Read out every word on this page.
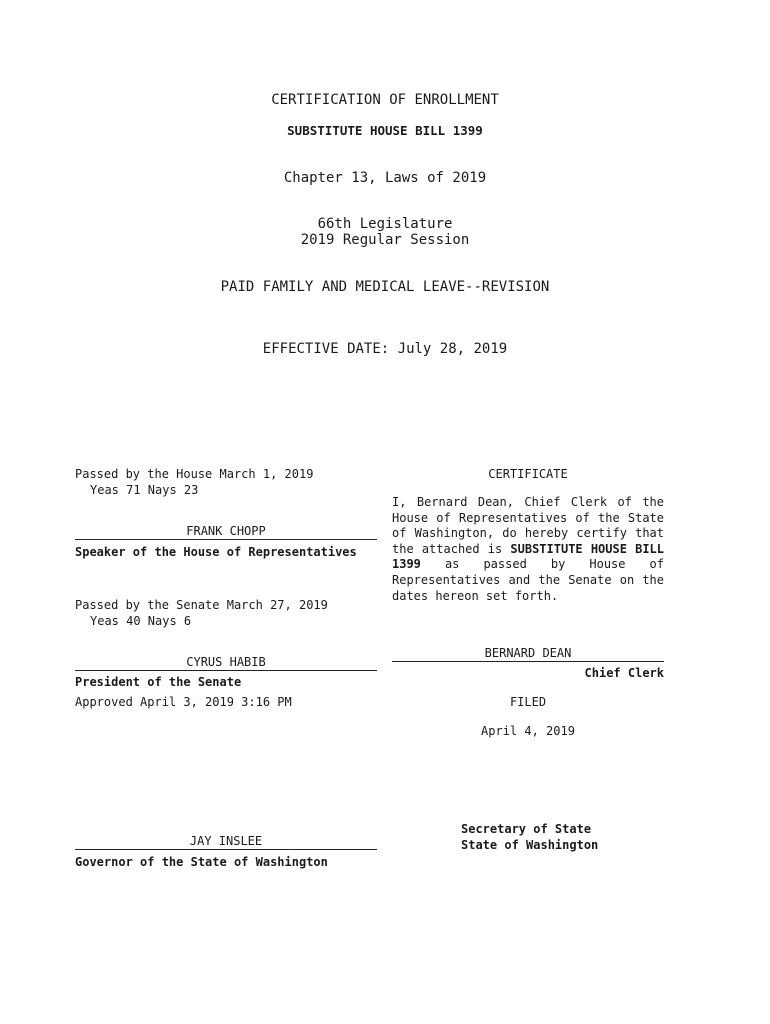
CERTIFICATION OF ENROLLMENT
SUBSTITUTE HOUSE BILL 1399
Chapter 13, Laws of 2019
66th Legislature
2019 Regular Session
PAID FAMILY AND MEDICAL LEAVE--REVISION
EFFECTIVE DATE: July 28, 2019
Passed by the House March 1, 2019
Yeas 71 Nays 23
FRANK CHOPP
Speaker of the House of Representatives
Passed by the Senate March 27, 2019
Yeas 40 Nays 6
CYRUS HABIB
President of the Senate
Approved April 3, 2019 3:16 PM
JAY INSLEE
Governor of the State of Washington
CERTIFICATE
I, Bernard Dean, Chief Clerk of the House of Representatives of the State of Washington, do hereby certify that the attached is SUBSTITUTE HOUSE BILL 1399 as passed by House of Representatives and the Senate on the dates hereon set forth.
BERNARD DEAN
Chief Clerk
FILED
April 4, 2019
Secretary of State
State of Washington
